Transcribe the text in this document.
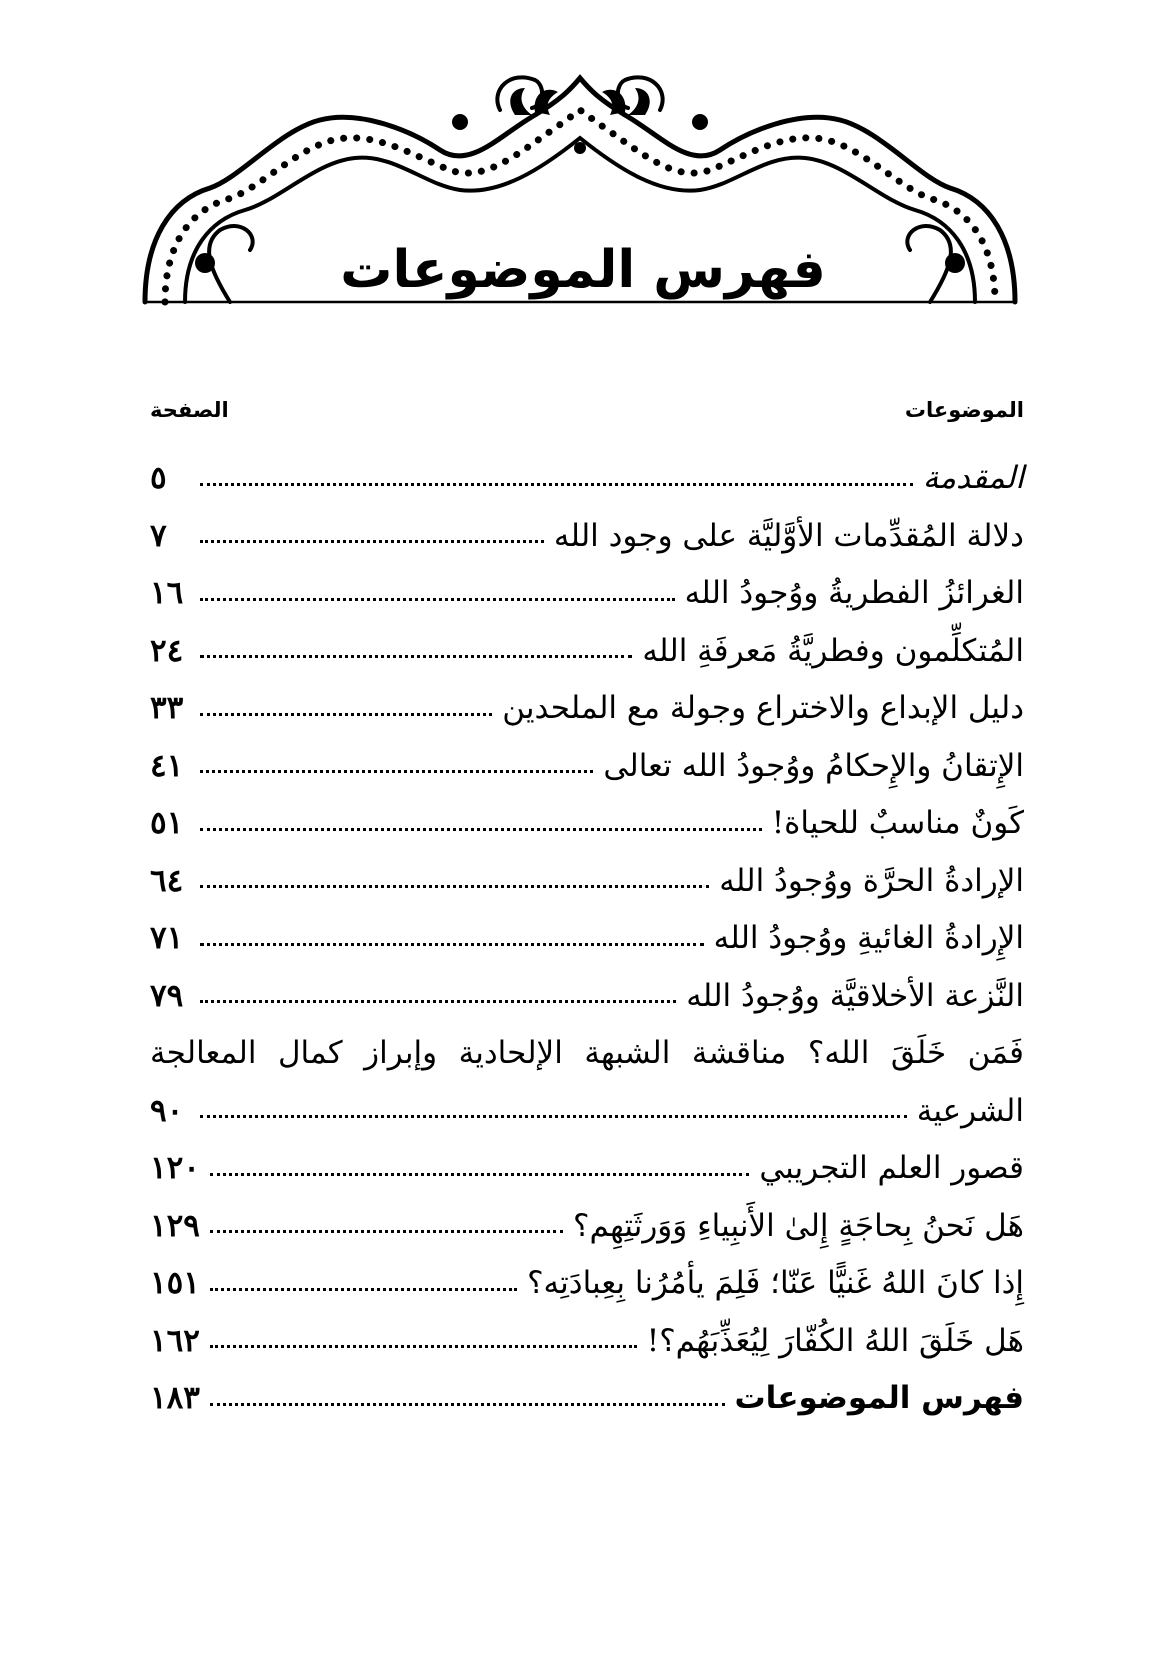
فهرس الموضوعات
الموضوعات
الصفحة
المقدمة
٥
دلالة المُقدِّمات الأوَّليَّة على وجود الله
٧
الغرائزُ الفطريةُ ووُجودُ الله
١٦
المُتكلِّمون وفطريَّةُ مَعرفَةِ الله
٢٤
دليل الإبداع والاختراع وجولة مع الملحدين
٣٣
الإِتقانُ والإِحكامُ ووُجودُ الله تعالى
٤١
كَونٌ مناسبٌ للحياة!
٥١
الإرادةُ الحرَّة ووُجودُ الله
٦٤
الإِرادةُ الغائيةِ ووُجودُ الله
٧١
النَّزعة الأخلاقيَّة ووُجودُ الله
٧٩
فَمَن خَلَقَ الله؟ مناقشة الشبهة الإلحادية وإبراز كمال المعالجة
الشرعية
٩٠
قصور العلم التجريبي
١٢٠
هَل نَحنُ بِحاجَةٍ إِلىٰ الأَنبِياءِ وَوَرثَتِهِم؟
١٢٩
إِذا كانَ اللهُ غَنيًّا عَنّا؛ فَلِمَ يأمُرُنا بِعِبادَتِه؟
١٥١
هَل خَلَقَ اللهُ الكُفّارَ لِيُعَذِّبَهُم؟!
١٦٢
فهرس الموضوعات
١٨٣
